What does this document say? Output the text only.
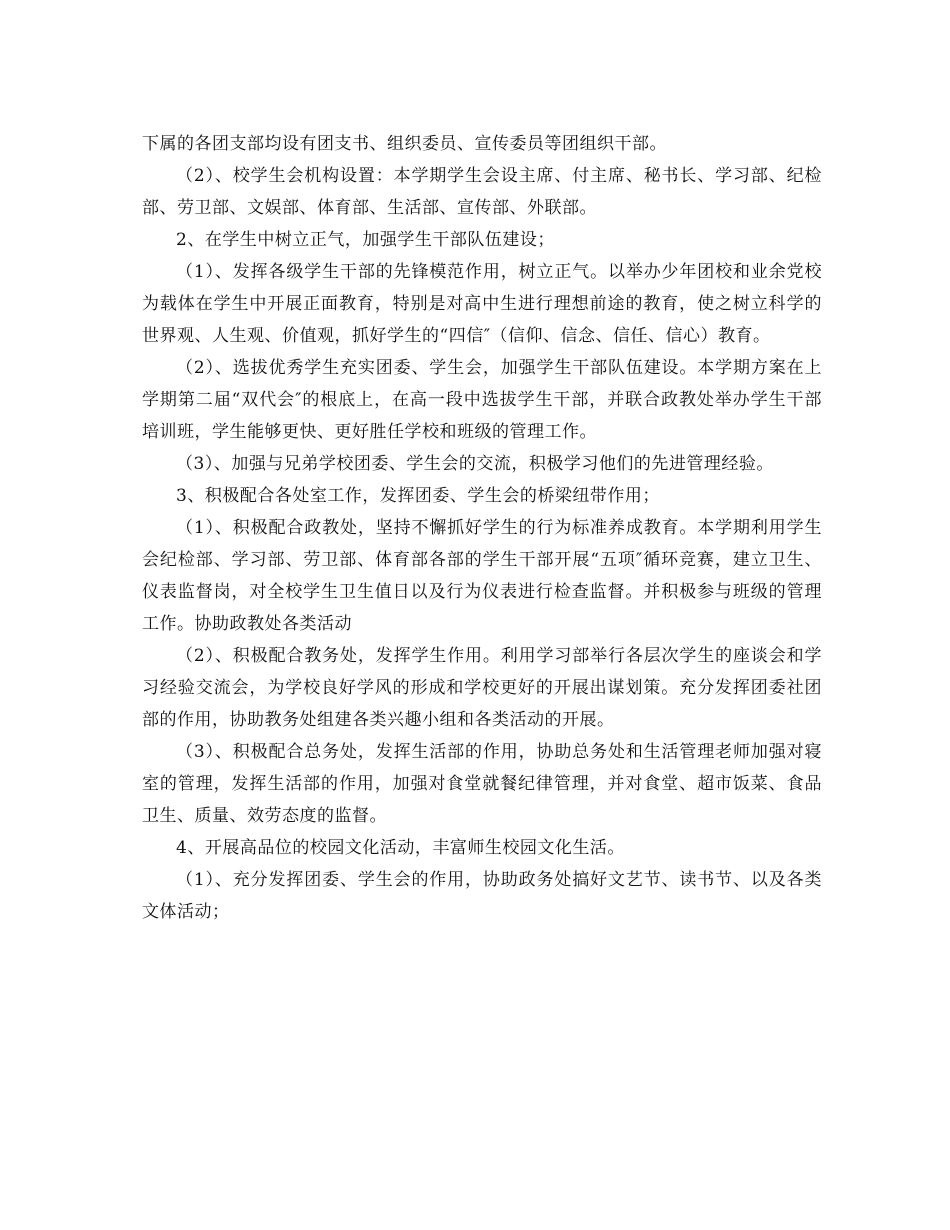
下属的各团支部均设有团支书、组织委员、宣传委员等团组织干部。

（2）、校学生会机构设置：本学期学生会设主席、付主席、秘书长、学习部、纪检部、劳卫部、文娱部、体育部、生活部、宣传部、外联部。

2、在学生中树立正气，加强学生干部队伍建设；

（1）、发挥各级学生干部的先锋模范作用，树立正气。以举办少年团校和业余党校为载体在学生中开展正面教育，特别是对高中生进行理想前途的教育，使之树立科学的世界观、人生观、价值观，抓好学生的“四信″（信仰、信念、信任、信心）教育。

（2）、选拔优秀学生充实团委、学生会，加强学生干部队伍建设。本学期方案在上学期第二届“双代会″的根底上，在高一段中选拔学生干部，并联合政教处举办学生干部培训班，学生能够更快、更好胜任学校和班级的管理工作。

（3）、加强与兄弟学校团委、学生会的交流，积极学习他们的先进管理经验。

3、积极配合各处室工作，发挥团委、学生会的桥梁纽带作用；

（1）、积极配合政教处，坚持不懈抓好学生的行为标准养成教育。本学期利用学生会纪检部、学习部、劳卫部、体育部各部的学生干部开展“五项″循环竞赛，建立卫生、仪表监督岗，对全校学生卫生值日以及行为仪表进行检查监督。并积极参与班级的管理工作。协助政教处各类活动

（2）、积极配合教务处，发挥学生作用。利用学习部举行各层次学生的座谈会和学习经验交流会，为学校良好学风的形成和学校更好的开展出谋划策。充分发挥团委社团部的作用，协助教务处组建各类兴趣小组和各类活动的开展。

（3）、积极配合总务处，发挥生活部的作用，协助总务处和生活管理老师加强对寝室的管理，发挥生活部的作用，加强对食堂就餐纪律管理，并对食堂、超市饭菜、食品卫生、质量、效劳态度的监督。

4、开展高品位的校园文化活动，丰富师生校园文化生活。

（1）、充分发挥团委、学生会的作用，协助政务处搞好文艺节、读书节、以及各类文体活动；
